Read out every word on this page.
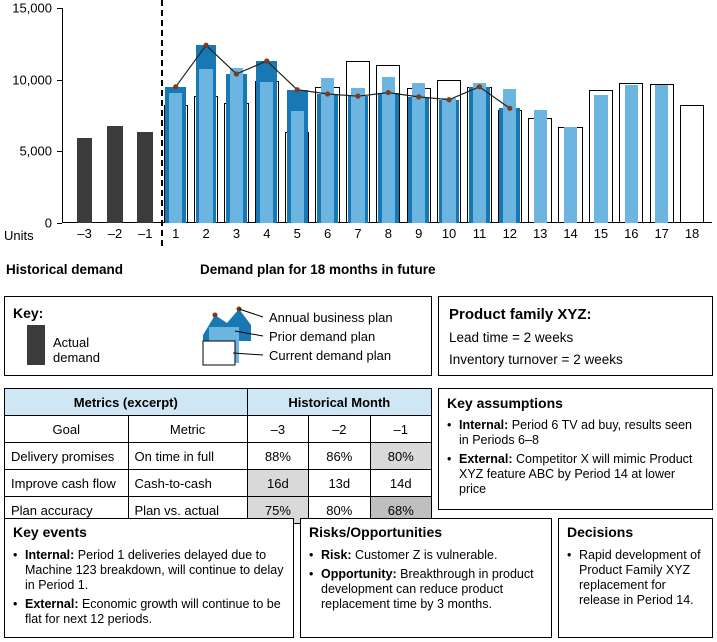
15,000
10,000
5,000
0
–3 –2 –1 1 2 3 4 5 6 7 8 9 10 11 12 13 14 15 16 17 18
Units
Historical demand	Demand plan for 18 months in future
Key:
Actual
demand
Annual business plan
Prior demand plan
Current demand plan
Product family XYZ:
Lead time = 2 weeks
Inventory turnover = 2 weeks
Metrics (excerpt)		Historical Month		
Goal	Metric	–3	–2	–1
Delivery promises	On time in full	88%	86%	80%
Improve cash flow	Cash-to-cash	16d	13d	14d
Plan accuracy	Plan vs. actual	75%	80%	68%
Key assumptions
• Internal: Period 6 TV ad buy, results seen in Periods 6–8
• External: Competitor X will mimic Product XYZ feature ABC by Period 14 at lower price
Key events
• Internal: Period 1 deliveries delayed due to Machine 123 breakdown, will continue to delay in Period 1.
• External: Economic growth will continue to be flat for next 12 periods.
Risks/Opportunities
• Risk: Customer Z is vulnerable.
• Opportunity: Breakthrough in product development can reduce product replacement time by 3 months.
Decisions
• Rapid development of Product Family XYZ replacement for release in Period 14.
